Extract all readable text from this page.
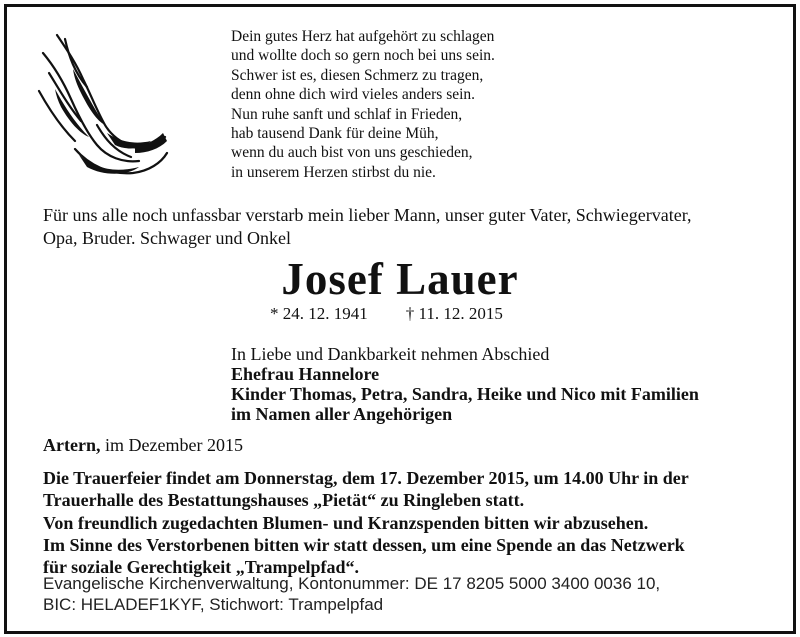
Dein gutes Herz hat aufgehört zu schlagen
und wollte doch so gern noch bei uns sein.
Schwer ist es, diesen Schmerz zu tragen,
denn ohne dich wird vieles anders sein.
Nun ruhe sanft und schlaf in Frieden,
hab tausend Dank für deine Müh,
wenn du auch bist von uns geschieden,
in unserem Herzen stirbst du nie.
Für uns alle noch unfassbar verstarb mein lieber Mann, unser guter Vater, Schwiegervater,
Opa, Bruder. Schwager und Onkel
Josef Lauer
* 24. 12. 1941 † 11. 12. 2015
In Liebe und Dankbarkeit nehmen Abschied
Ehefrau Hannelore
Kinder Thomas, Petra, Sandra, Heike und Nico mit Familien
im Namen aller Angehörigen
Artern, im Dezember 2015
Die Trauerfeier findet am Donnerstag, dem 17. Dezember 2015, um 14.00 Uhr in der
Trauerhalle des Bestattungshauses „Pietät“ zu Ringleben statt.
Von freundlich zugedachten Blumen- und Kranzspenden bitten wir abzusehen.
Im Sinne des Verstorbenen bitten wir statt dessen, um eine Spende an das Netzwerk
für soziale Gerechtigkeit „Trampelpfad“.
Evangelische Kirchenverwaltung, Kontonummer: DE 17 8205 5000 3400 0036 10,
BIC: HELADEF1KYF, Stichwort: Trampelpfad
